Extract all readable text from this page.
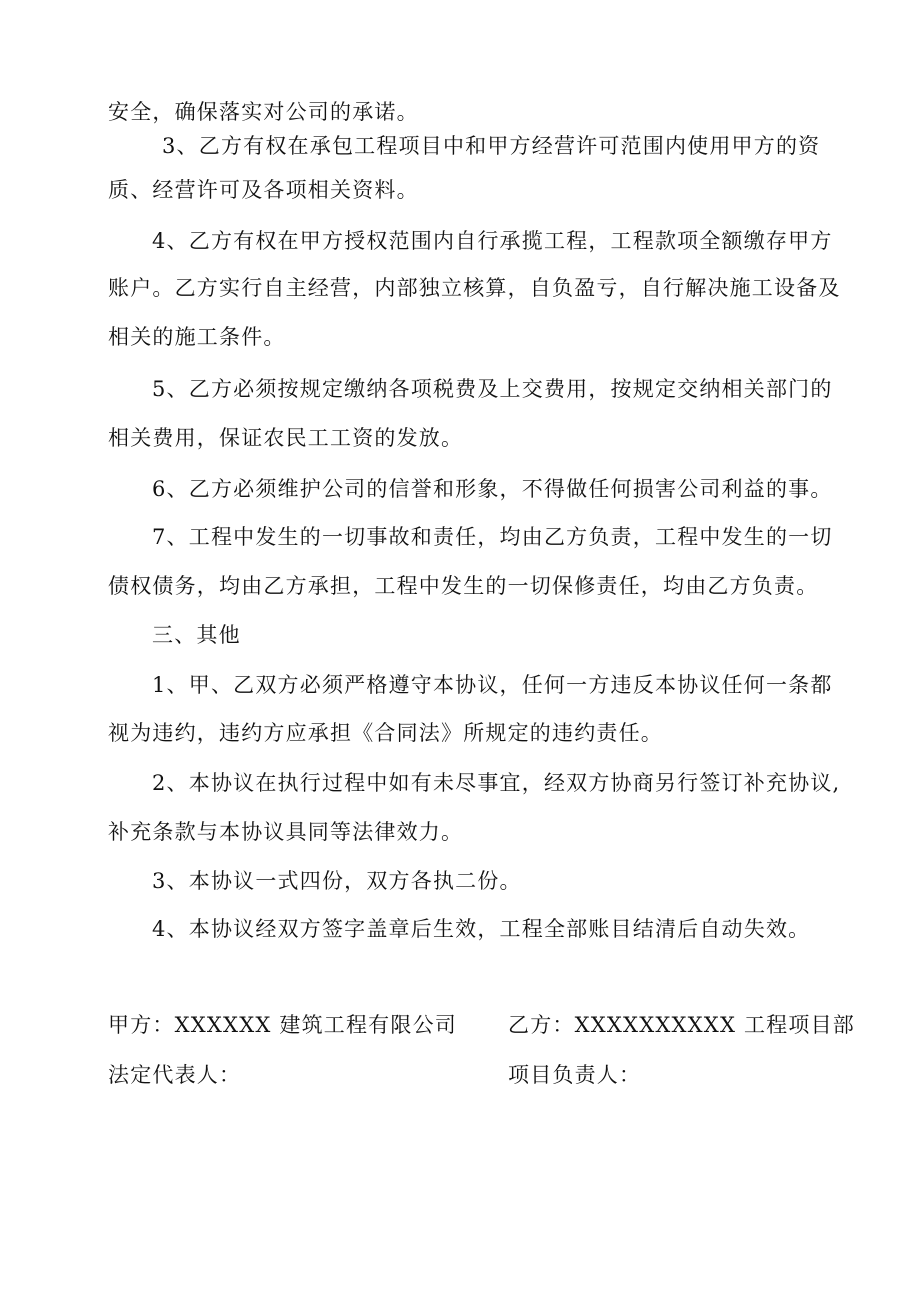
安全，确保落实对公司的承诺。
3、乙方有权在承包工程项目中和甲方经营许可范围内使用甲方的资
质、经营许可及各项相关资料。
4、乙方有权在甲方授权范围内自行承揽工程，工程款项全额缴存甲方
账户。乙方实行自主经营，内部独立核算，自负盈亏，自行解决施工设备及
相关的施工条件。
5、乙方必须按规定缴纳各项税费及上交费用，按规定交纳相关部门的
相关费用，保证农民工工资的发放。
6、乙方必须维护公司的信誉和形象，不得做任何损害公司利益的事。
7、工程中发生的一切事故和责任，均由乙方负责，工程中发生的一切
债权债务，均由乙方承担，工程中发生的一切保修责任，均由乙方负责。
三、其他
1、甲、乙双方必须严格遵守本协议，任何一方违反本协议任何一条都
视为违约，违约方应承担《合同法》所规定的违约责任。
2、本协议在执行过程中如有未尽事宜，经双方协商另行签订补充协议,
补充条款与本协议具同等法律效力。
3、本协议一式四份，双方各执二份。
4、本协议经双方签字盖章后生效，工程全部账目结清后自动失效。
甲方：XXXXXX 建筑工程有限公司 乙方：XXXXXXXXXX 工程项目部
法定代表人：	项目负责人：
